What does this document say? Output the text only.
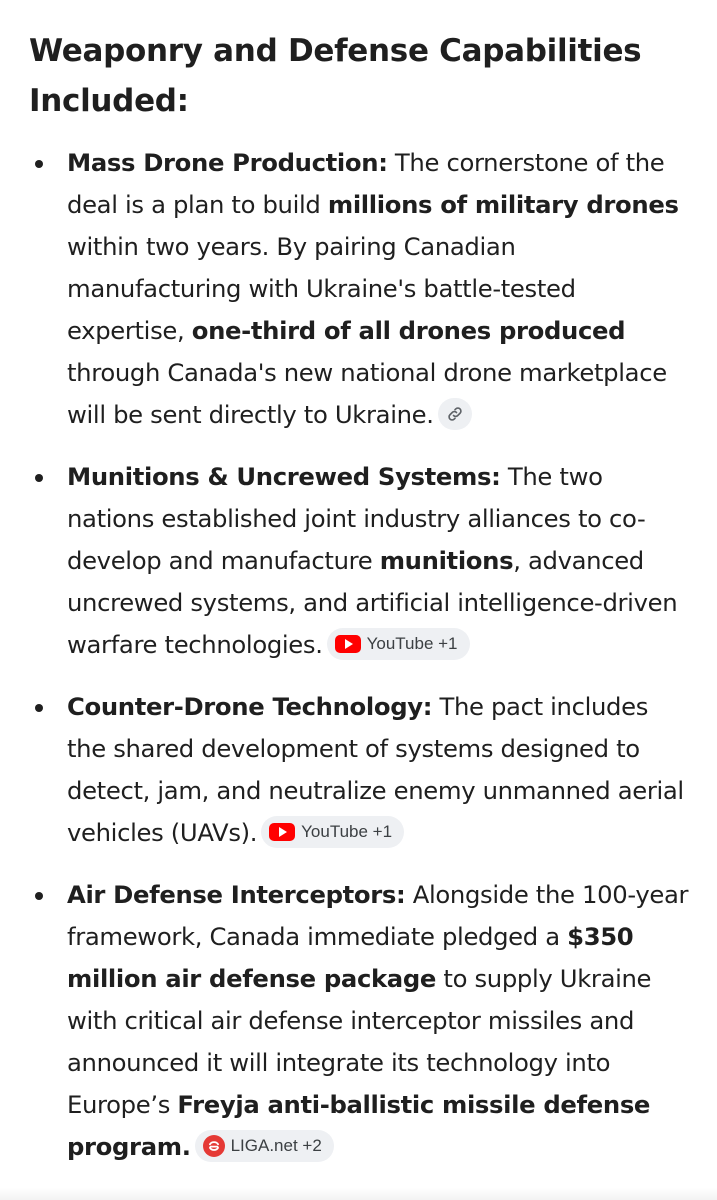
Weaponry and Defense Capabilities Included:
Mass Drone Production: The cornerstone of the deal is a plan to build millions of military drones within two years. By pairing Canadian manufacturing with Ukraine's battle-tested expertise, one-third of all drones produced through Canada's new national drone marketplace will be sent directly to Ukraine.
Munitions & Uncrewed Systems: The two nations established joint industry alliances to co-develop and manufacture munitions, advanced uncrewed systems, and artificial intelligence-driven warfare technologies.	YouTube +1
Counter-Drone Technology: The pact includes the shared development of systems designed to detect, jam, and neutralize enemy unmanned aerial vehicles (UAVs).	YouTube +1
Air Defense Interceptors: Alongside the 100-year framework, Canada immediate pledged a $350 million air defense package to supply Ukraine with critical air defense interceptor missiles and announced it will integrate its technology into Europe’s Freyja anti-ballistic missile defense program. LIGA.net +2
